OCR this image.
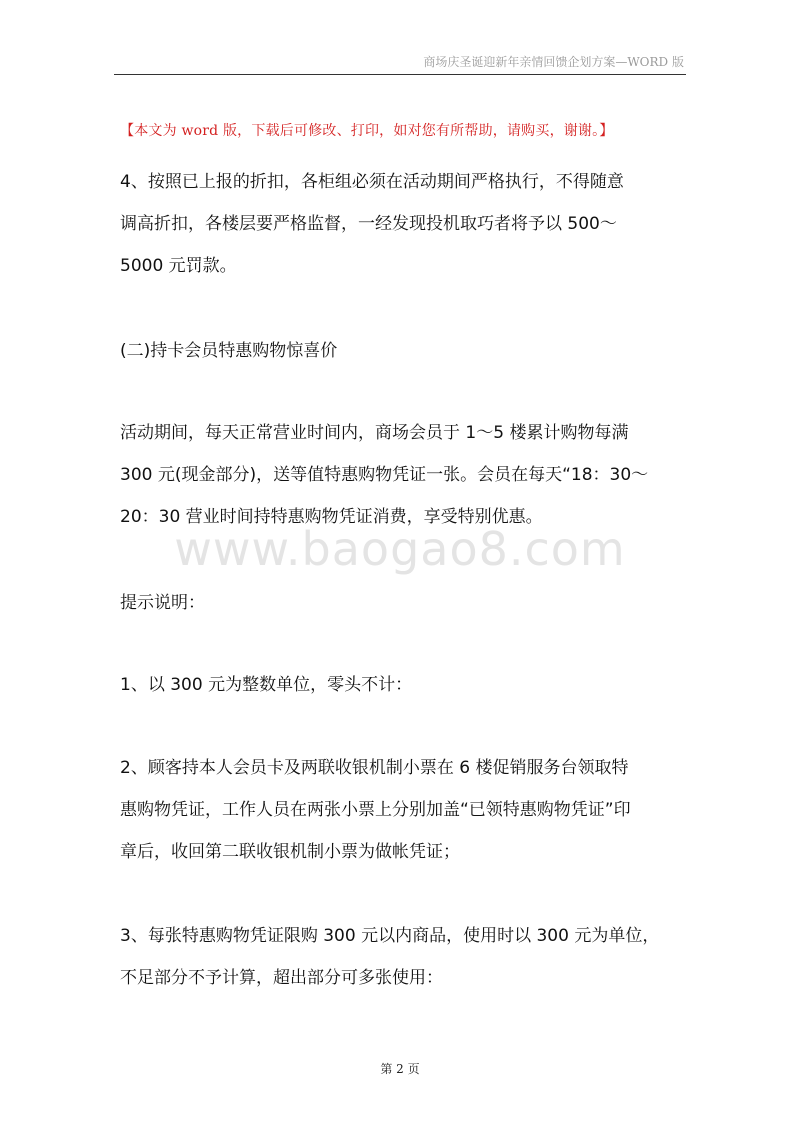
商场庆圣诞迎新年亲情回馈企划方案—WORD 版
【本文为 word 版，下载后可修改、打印，如对您有所帮助，请购买，谢谢。】
www.baogao8.com
4、按照已上报的折扣，各柜组必须在活动期间严格执行，不得随意
调高折扣，各楼层要严格监督，一经发现投机取巧者将予以 500～
5000 元罚款。
(二)持卡会员特惠购物惊喜价
活动期间，每天正常营业时间内，商场会员于 1～5 楼累计购物每满
300 元(现金部分)，送等值特惠购物凭证一张。会员在每天“18：30～
20：30 营业时间持特惠购物凭证消费，享受特别优惠。
提示说明：
1、以 300 元为整数单位，零头不计：
2、顾客持本人会员卡及两联收银机制小票在 6 楼促销服务台领取特
惠购物凭证，工作人员在两张小票上分别加盖“已领特惠购物凭证”印
章后，收回第二联收银机制小票为做帐凭证；
3、每张特惠购物凭证限购 300 元以内商品，使用时以 300 元为单位，
不足部分不予计算，超出部分可多张使用：
第 2 页
